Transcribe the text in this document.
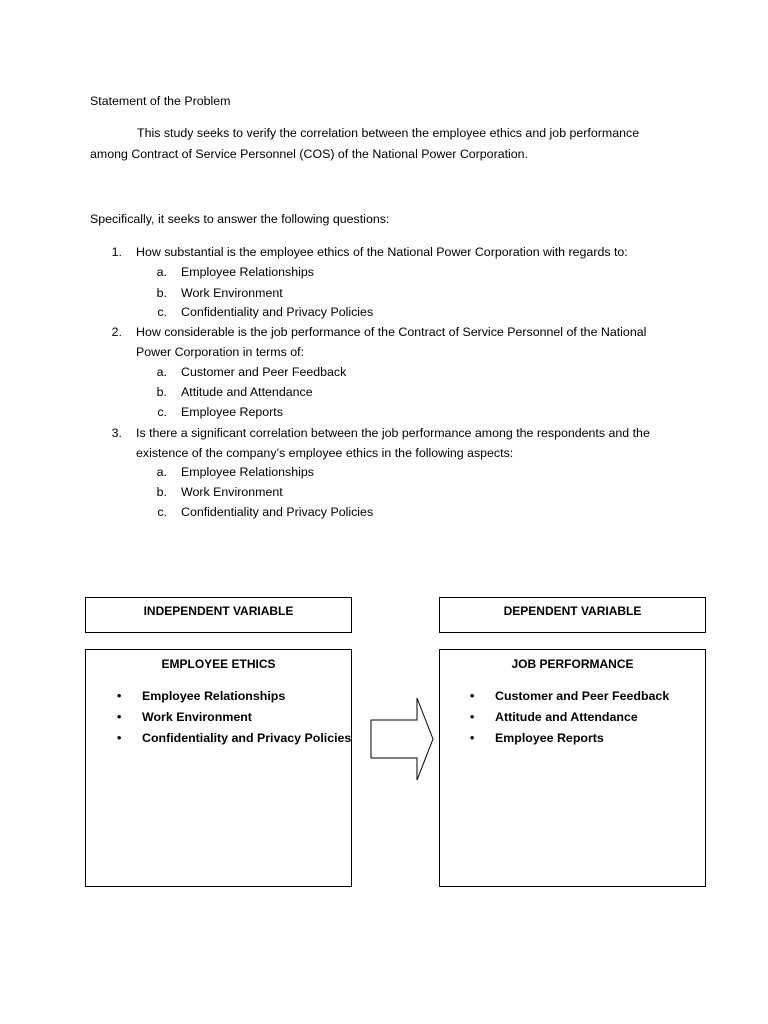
Statement of the Problem
This study seeks to verify the correlation between the employee ethics and job performance
among Contract of Service Personnel (COS) of the National Power Corporation.
Specifically, it seeks to answer the following questions:
1. How substantial is the employee ethics of the National Power Corporation with regards to:
a. Employee Relationships
b. Work Environment
c. Confidentiality and Privacy Policies
2. How considerable is the job performance of the Contract of Service Personnel of the National
Power Corporation in terms of:
a. Customer and Peer Feedback
b. Attitude and Attendance
c. Employee Reports
3. Is there a significant correlation between the job performance among the respondents and the
existence of the company’s employee ethics in the following aspects:
a. Employee Relationships
b. Work Environment
c. Confidentiality and Privacy Policies
INDEPENDENT VARIABLE	DEPENDENT VARIABLE
EMPLOYEE ETHICS
• Employee Relationships
• Work Environment
• Confidentiality and Privacy Policies
JOB PERFORMANCE
• Customer and Peer Feedback
• Attitude and Attendance
• Employee Reports
